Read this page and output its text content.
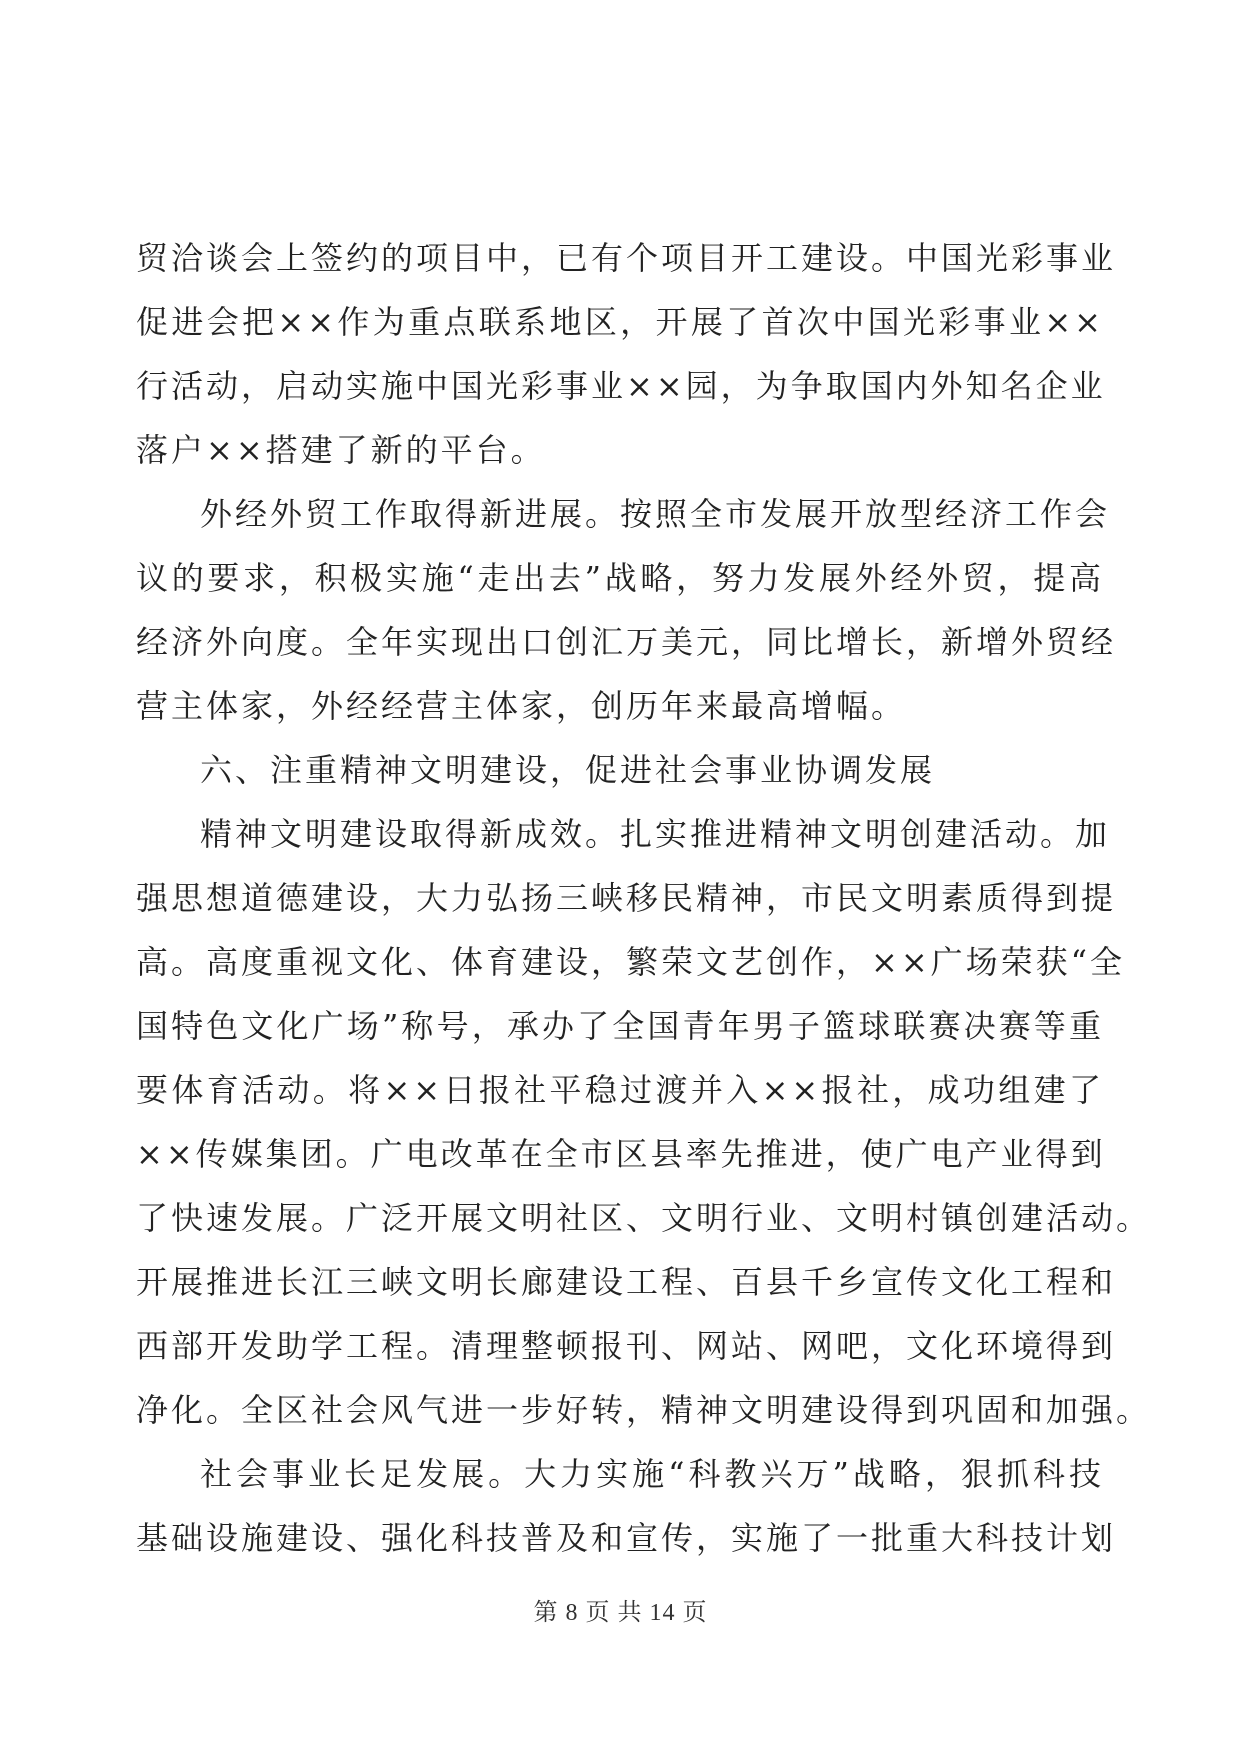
贸洽谈会上签约的项目中，已有个项目开工建设。中国光彩事业
促进会把××作为重点联系地区，开展了首次中国光彩事业××
行活动，启动实施中国光彩事业××园，为争取国内外知名企业
落户××搭建了新的平台。
外经外贸工作取得新进展。按照全市发展开放型经济工作会
议的要求，积极实施“走出去”战略，努力发展外经外贸，提高
经济外向度。全年实现出口创汇万美元，同比增长，新增外贸经
营主体家，外经经营主体家，创历年来最高增幅。
六、注重精神文明建设，促进社会事业协调发展
精神文明建设取得新成效。扎实推进精神文明创建活动。加
强思想道德建设，大力弘扬三峡移民精神，市民文明素质得到提
高。高度重视文化、体育建设，繁荣文艺创作，××广场荣获“全
国特色文化广场”称号，承办了全国青年男子篮球联赛决赛等重
要体育活动。将××日报社平稳过渡并入××报社，成功组建了
××传媒集团。广电改革在全市区县率先推进，使广电产业得到
了快速发展。广泛开展文明社区、文明行业、文明村镇创建活动。
开展推进长江三峡文明长廊建设工程、百县千乡宣传文化工程和
西部开发助学工程。清理整顿报刊、网站、网吧，文化环境得到
净化。全区社会风气进一步好转，精神文明建设得到巩固和加强。
社会事业长足发展。大力实施“科教兴万”战略，狠抓科技
基础设施建设、强化科技普及和宣传，实施了一批重大科技计划
第 8 页 共 14 页
